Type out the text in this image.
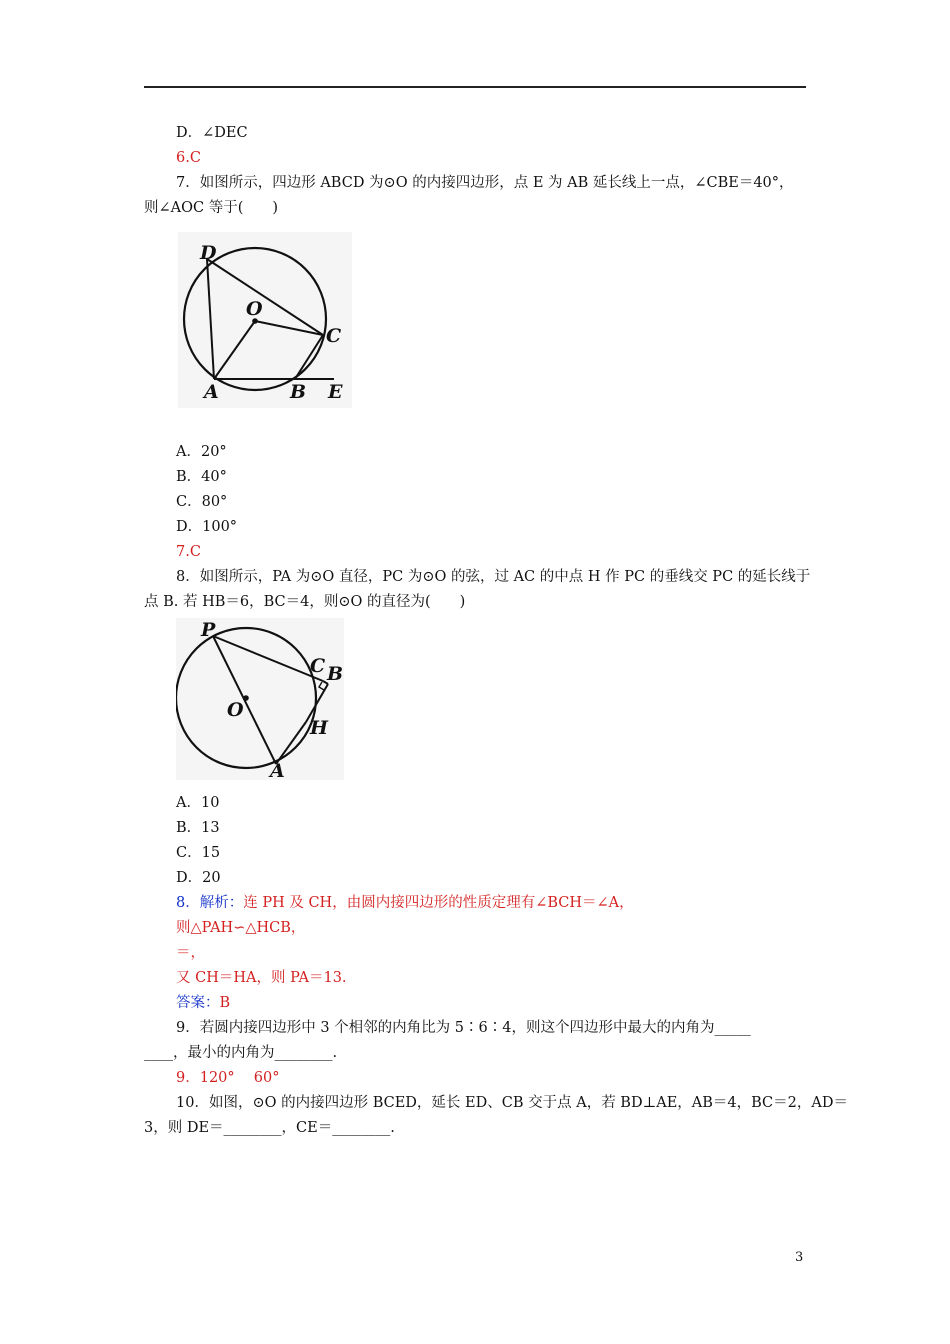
D．∠DEC
6.C
7．如图所示，四边形 ABCD 为⊙O 的内接四边形，点 E 为 AB 延长线上一点，∠CBE＝40°，
则∠AOC 等于(　　)
D
O
C
A	B E
A．20°
B．40°
C．80°
D．100°
7.C
8．如图所示，PA 为⊙O 直径，PC 为⊙O 的弦，过 AC 的中点 H 作 PC 的垂线交 PC 的延长线于
点 B. 若 HB＝6，BC＝4，则⊙O 的直径为(　　)
P
C B
O
H
A
A．10
B．13
C．15
D．20
8．解析：连 PH 及 CH，由圆内接四边形的性质定理有∠BCH＝∠A，
则△PAH∽△HCB，
＝，
又 CH＝HA，则 PA＝13.
答案：B
9．若圆内接四边形中 3 个相邻的内角比为 5∶6∶4，则这个四边形中最大的内角为_____
____，最小的内角为________.
9．120°　 60°
10．如图，⊙O 的内接四边形 BCED，延长 ED、CB 交于点 A，若 BD⊥AE，AB＝4，BC＝2，AD＝
3，则 DE＝________，CE＝________.
3
